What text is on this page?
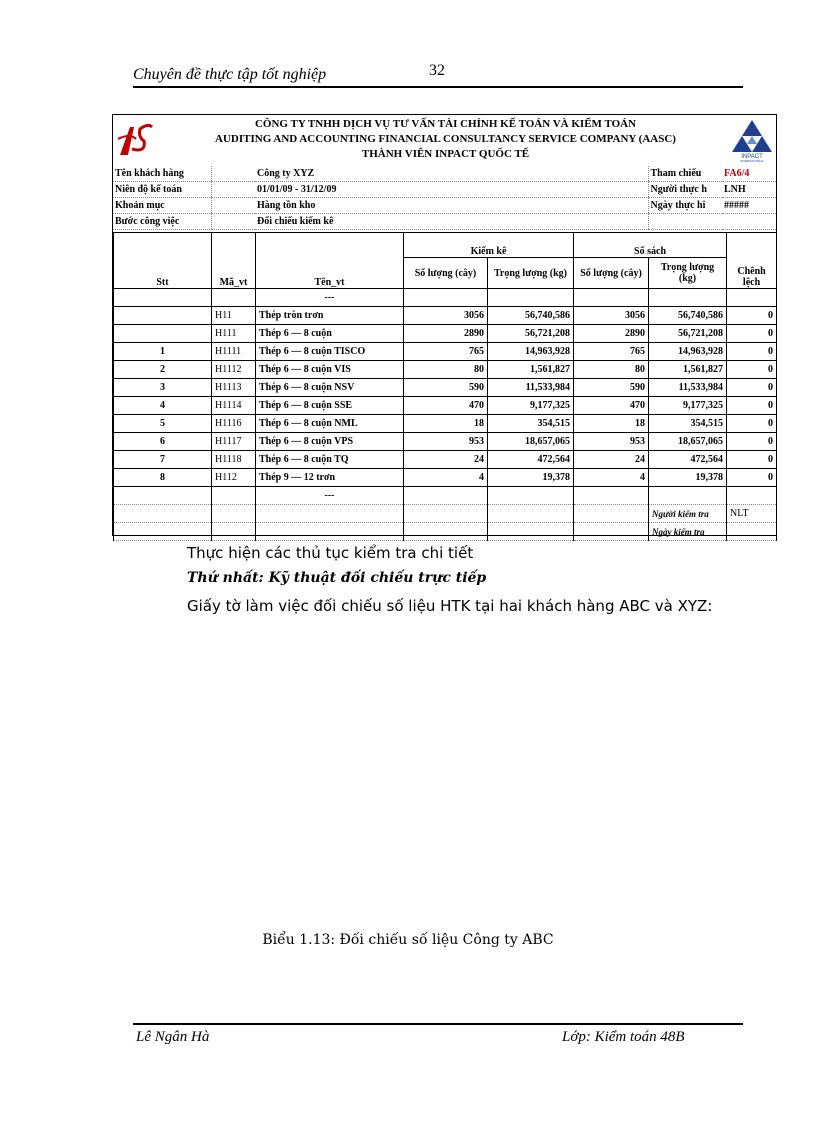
Chuyên đề thực tập tốt nghiệp	32
CÔNG TY TNHH DỊCH VỤ TƯ VẤN TÀI CHÍNH KẾ TOÁN VÀ KIỂM TOÁN
AUDITING AND ACCOUNTING FINANCIAL CONSULTANCY SERVICE COMPANY (AASC)
THÀNH VIÊN INPACT QUỐC TẾ	INPACT
INTERNATIONAL
Tên khách hàng		Công ty XYZ	Tham chiếu	FA6/4
Niên độ kế toán		01/01/09 - 31/12/09	Người thực h	LNH
Khoản mục		Hàng tồn kho	Ngày thực hi	#####
Bước công việc		Đối chiếu kiểm kê		
Stt	Mã_vt	Tên_vt	Kiểm kê		Sổ sách		Chênh lệch
			Số lượng (cây)	Trọng lượng (kg)	Số lượng (cây)	Trọng lượng (kg)	
		---					
	H11	Thép tròn trơn	3056	56,740,586	3056	56,740,586	0
	H111	Thép 6 — 8 cuộn	2890	56,721,208	2890	56,721,208	0
1	H1111	Thép 6 — 8 cuộn TISCO	765	14,963,928	765	14,963,928	0
2	H1112	Thép 6 — 8 cuộn VIS	80	1,561,827	80	1,561,827	0
3	H1113	Thép 6 — 8 cuộn NSV	590	11,533,984	590	11,533,984	0
4	H1114	Thép 6 — 8 cuộn SSE	470	9,177,325	470	9,177,325	0
5	H1116	Thép 6 — 8 cuộn NML	18	354,515	18	354,515	0
6	H1117	Thép 6 — 8 cuộn VPS	953	18,657,065	953	18,657,065	0
7	H1118	Thép 6 — 8 cuộn TQ	24	472,564	24	472,564	0
8	H112	Thép 9 — 12 trơn	4	19,378	4	19,378	0
		---					
						Người kiểm tra	NLT
						Ngày kiểm tra	
Thực hiện các thủ tục kiểm tra chi tiết
Thứ nhất: Kỹ thuật đối chiếu trực tiếp
Giấy tờ làm việc đối chiếu số liệu HTK tại hai khách hàng ABC và XYZ:
Biểu 1.13: Đối chiếu số liệu Công ty ABC
Lê Ngân Hà	Lớp: Kiểm toán 48B
